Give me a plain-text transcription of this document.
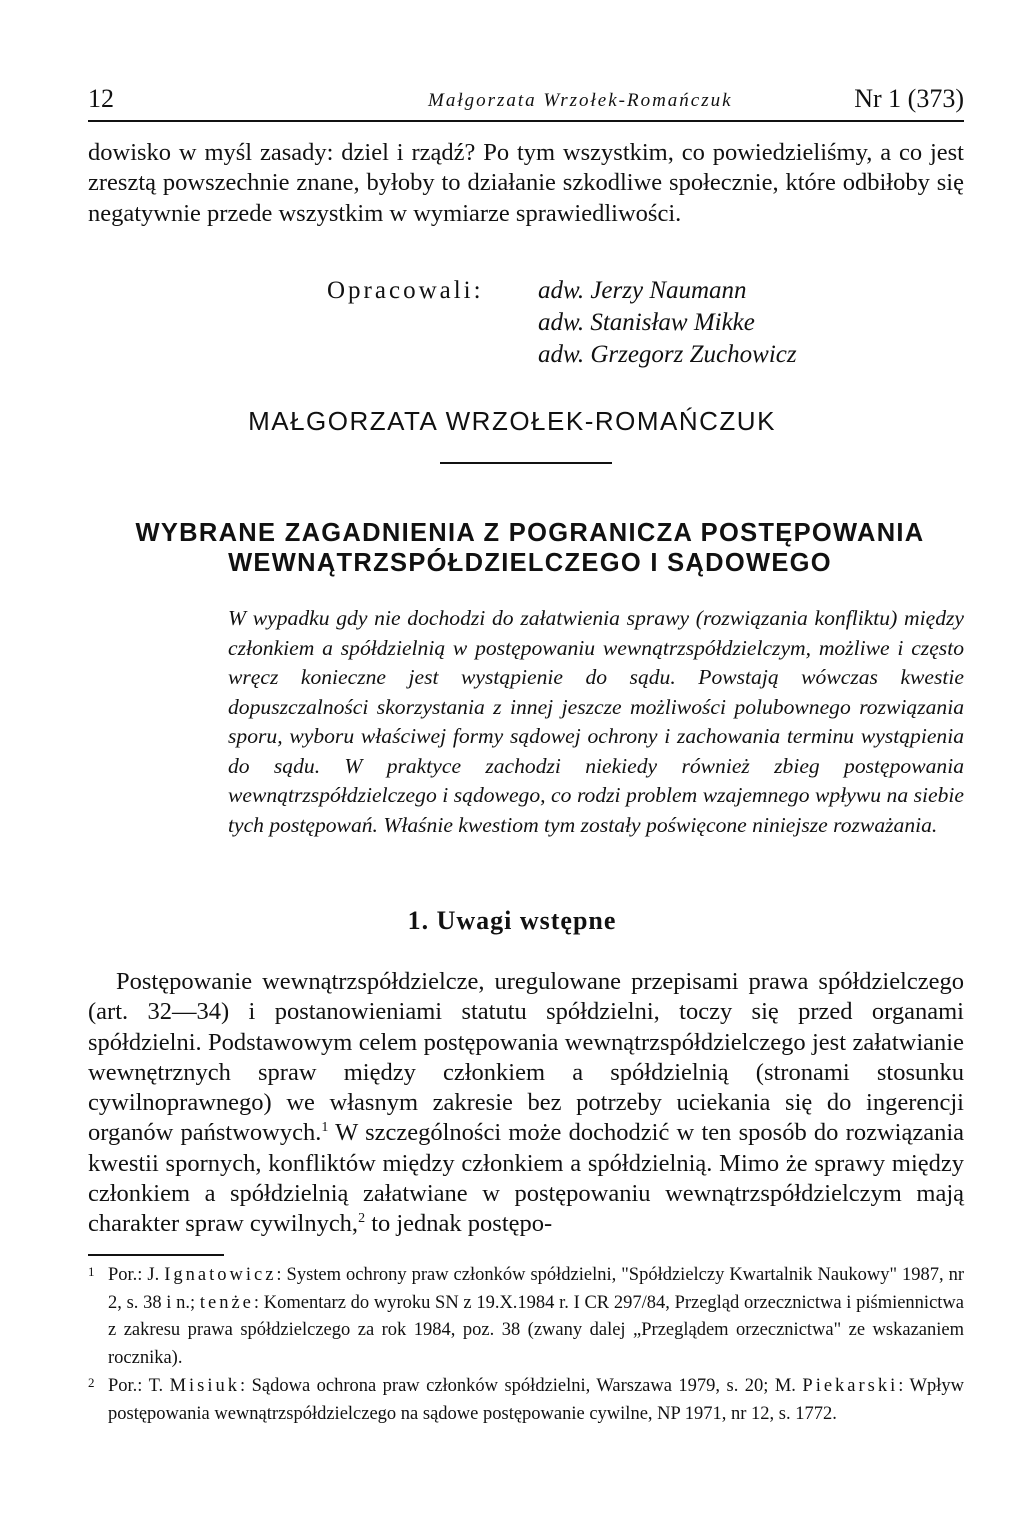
12	Małgorzata Wrzołek-Romańczuk	Nr 1 (373)

dowisko w myśl zasady: dziel i rządź? Po tym wszystkim, co powiedzieliśmy, a co jest zresztą powszechnie znane, byłoby to działanie szkodliwe społecznie, które odbiłoby się negatywnie przede wszystkim w wymiarze sprawiedliwości.

Opracowali: adw. Jerzy Naumann
adw. Stanisław Mikke
adw. Grzegorz Zuchowicz
MAŁGORZATA WRZOŁEK-ROMAŃCZUK
WYBRANE ZAGADNIENIA Z POGRANICZA POSTĘPOWANIA
WEWNĄTRZSPÓŁDZIELCZEGO I SĄDOWEGO

W wypadku gdy nie dochodzi do załatwienia sprawy (rozwiązania konfliktu) między członkiem a spółdzielnią w postępowaniu wewnątrzspółdzielczym, możliwe i często wręcz konieczne jest wystąpienie do sądu. Powstają wówczas kwestie dopuszczalności skorzystania z innej jeszcze możliwości polubownego rozwiązania sporu, wyboru właściwej formy sądowej ochrony i zachowania terminu wystąpienia do sądu. W praktyce zachodzi niekiedy również zbieg postępowania wewnątrzspółdzielczego i sądowego, co rodzi problem wzajemnego wpływu na siebie tych postępowań. Właśnie kwestiom tym zostały poświęcone niniejsze rozważania.

1. Uwagi wstępne

Postępowanie wewnątrzspółdzielcze, uregulowane przepisami prawa spółdzielczego (art. 32—34) i postanowieniami statutu spółdzielni, toczy się przed organami spółdzielni. Podstawowym celem postępowania wewnątrzspółdzielczego jest załatwianie wewnętrznych spraw między członkiem a spółdzielnią (stronami stosunku cywilnoprawnego) we własnym zakresie bez potrzeby uciekania się do ingerencji organów państwowych.$^1$ W szczególności może dochodzić w ten sposób do rozwiązania kwestii spornych, konfliktów między członkiem a spółdzielnią. Mimo że sprawy między członkiem a spółdzielnią załatwiane w postępowaniu wewnątrzspółdzielczym mają charakter spraw cywilnych,$^2$ to jednak postępo-

1 Por.: J. Ignatowicz: System ochrony praw członków spółdzielni, "Spółdzielczy Kwartalnik Naukowy" 1987, nr 2, s. 38 i n.; tenże: Komentarz do wyroku SN z 19.X.1984 r. I CR 297/84, Przegląd orzecznictwa i piśmiennictwa z zakresu prawa spółdzielczego za rok 1984, poz. 38 (zwany dalej „Przeglądem orzecznictwa" ze wskazaniem rocznika).

2 Por.: T. Misiuk: Sądowa ochrona praw członków spółdzielni, Warszawa 1979, s. 20; M. Piekarski: Wpływ postępowania wewnątrzspółdzielczego na sądowe postępowanie cywilne, NP 1971, nr 12, s. 1772.
